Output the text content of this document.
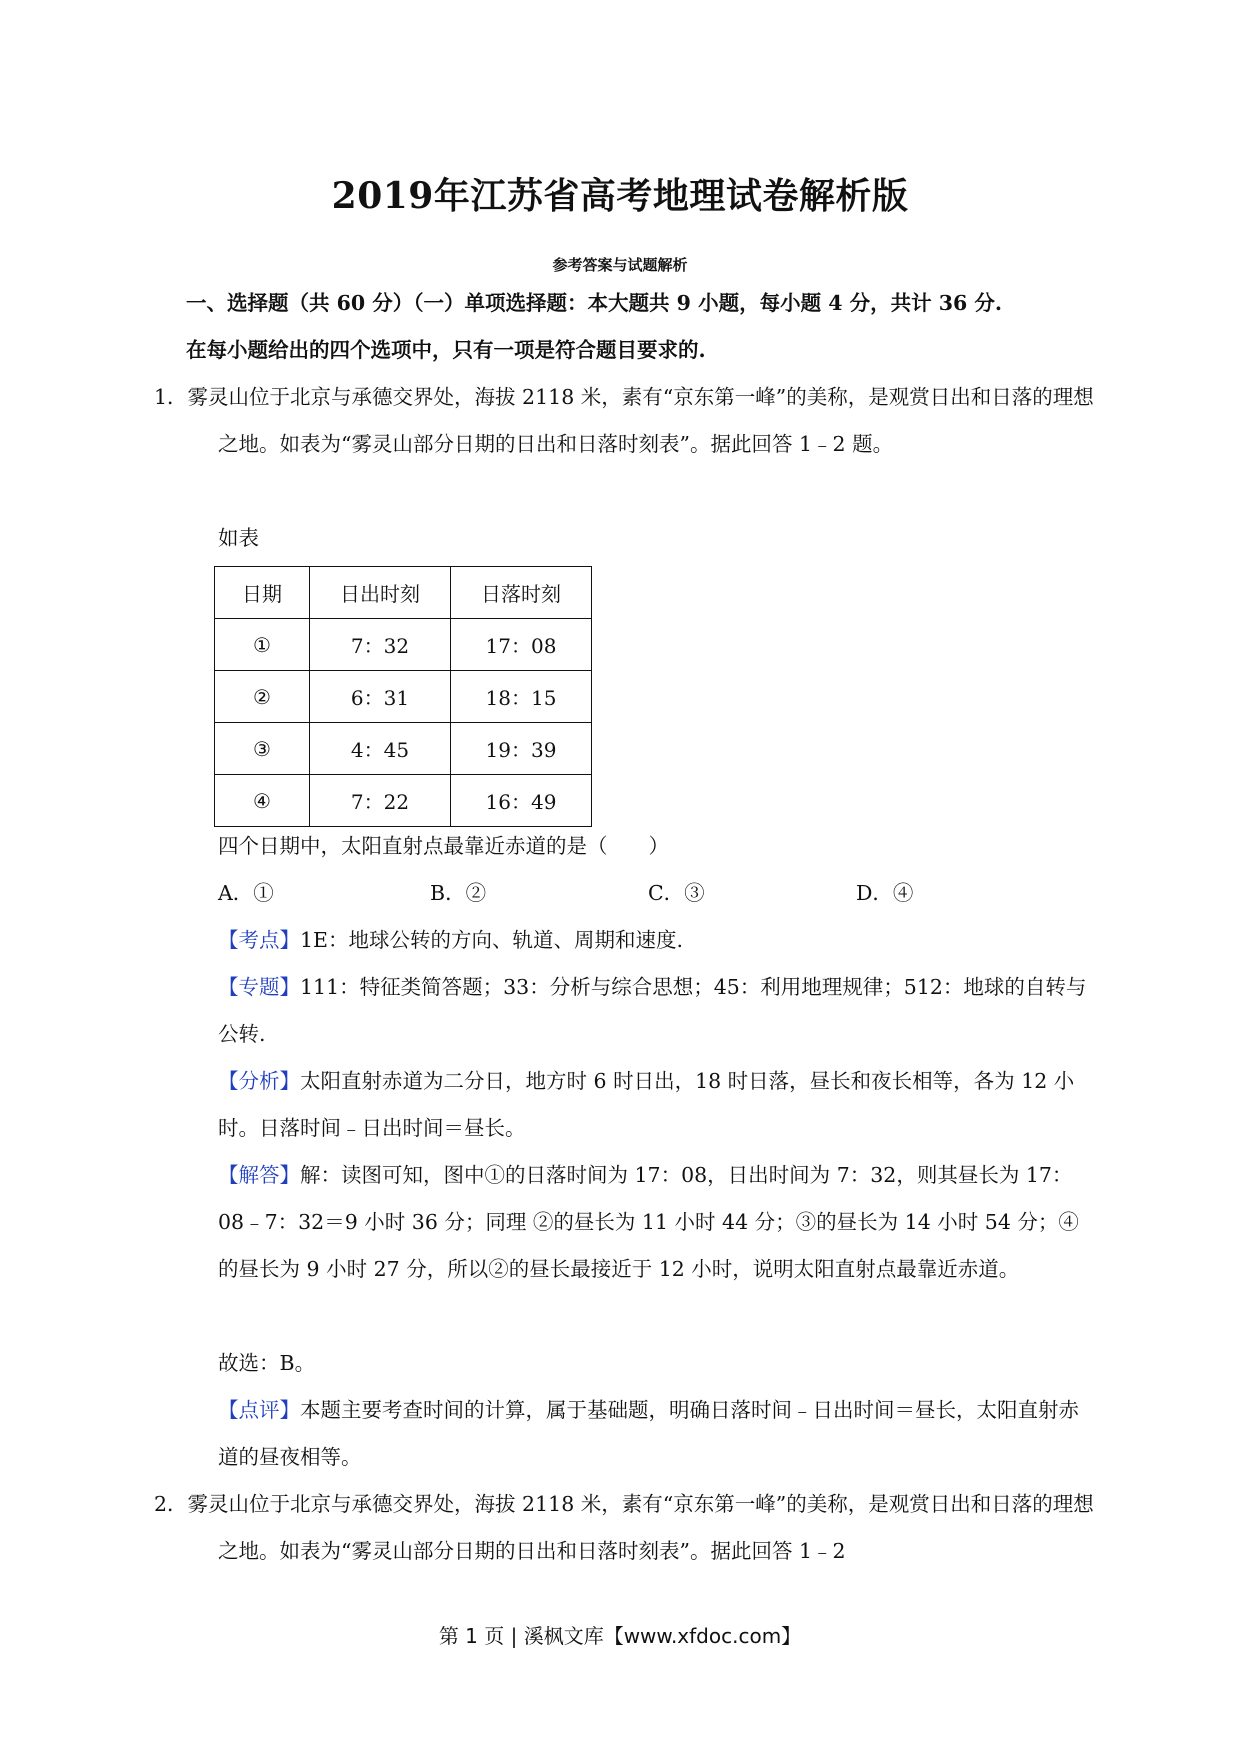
2019年江苏省高考地理试卷解析版
参考答案与试题解析
一、选择题（共 60 分）（一）单项选择题：本大题共 9 小题，每小题 4 分，共计 36 分.
在每小题给出的四个选项中，只有一项是符合题目要求的.
1．雾灵山位于北京与承德交界处，海拔 2118 米，素有“京东第一峰”的美称，是观赏日出和日落的理想之地。如表为“雾灵山部分日期的日出和日落时刻表”。据此回答 1﹣2 题。
如表
日期	日出时刻	日落时刻
①	7：32	17：08
②	6：31	18：15
③	4：45	19：39
④	7：22	16：49
四个日期中，太阳直射点最靠近赤道的是（　　）
A．①	B．②	C．③	D．④
【考点】1E：地球公转的方向、轨道、周期和速度.
【专题】111：特征类简答题；33：分析与综合思想；45：利用地理规律；512：地球的自转与公转.
【分析】太阳直射赤道为二分日，地方时 6 时日出，18 时日落，昼长和夜长相等，各为 12 小时。日落时间﹣日出时间＝昼长。
【解答】解：读图可知，图中①的日落时间为 17：08，日出时间为 7：32，则其昼长为 17：08﹣7：32＝9 小时 36 分；同理 ②的昼长为 11 小时 44 分；③的昼长为 14 小时 54 分；④的昼长为 9 小时 27 分，所以②的昼长最接近于 12 小时，说明太阳直射点最靠近赤道。
故选：B。
【点评】本题主要考查时间的计算，属于基础题，明确日落时间﹣日出时间＝昼长，太阳直射赤道的昼夜相等。
2．雾灵山位于北京与承德交界处，海拔 2118 米，素有“京东第一峰”的美称，是观赏日出和日落的理想之地。如表为“雾灵山部分日期的日出和日落时刻表”。据此回答 1﹣2
第 1 页 | 溪枫文库【www.xfdoc.com】
